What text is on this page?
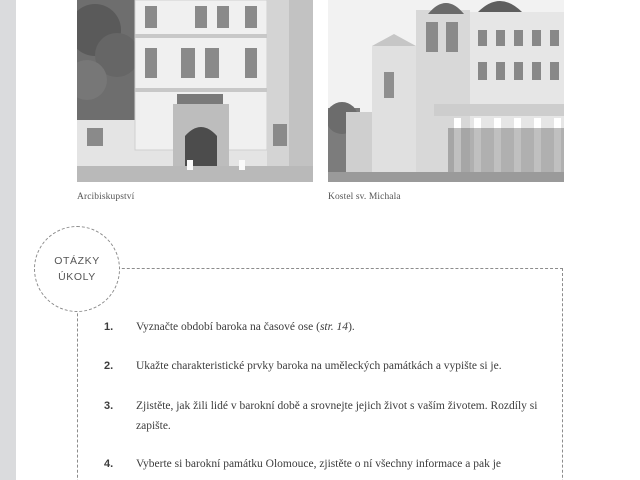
Arcibiskupství	Kostel sv. Michala
OTÁZKY
ÚKOLY
1.	Vyznačte období baroka na časové ose (str. 14).
2.	Ukažte charakteristické prvky baroka na uměleckých památkách a vypište si je.
3.	Zjistěte, jak žili lidé v barokní době a srovnejte jejich život s vaším životem. Rozdíly si zapište.
4.	Vyberte si barokní památku Olomouce, zjistěte o ní všechny informace a pak je
